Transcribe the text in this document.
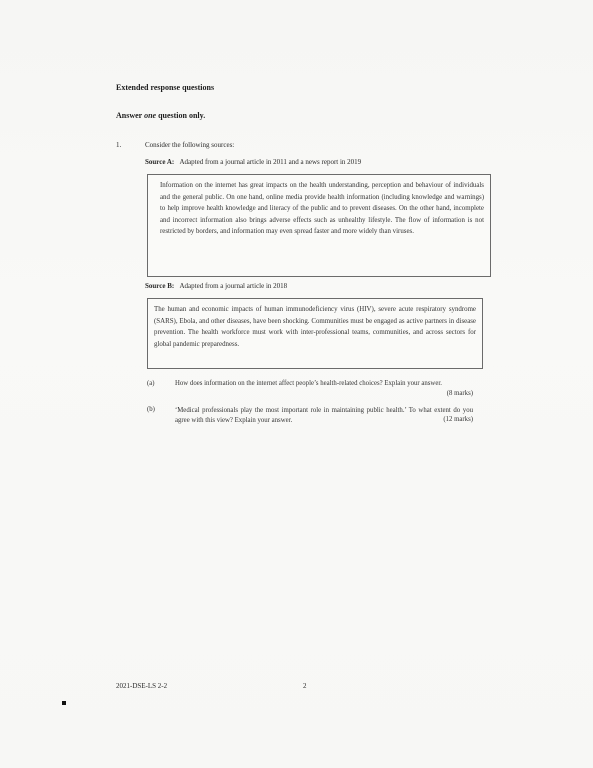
Extended response questions
Answer one question only.
1.	Consider the following sources:
Source A: Adapted from a journal article in 2011 and a news report in 2019

Information on the internet has great impacts on the health understanding, perception and behaviour of individuals and the general public. On one hand, online media provide health information (including knowledge and warnings) to help improve health knowledge and literacy of the public and to prevent diseases. On the other hand, incomplete and incorrect information also brings adverse effects such as unhealthy lifestyle. The flow of information is not restricted by borders, and information may even spread faster and more widely than viruses.

Source B: Adapted from a journal article in 2018

The human and economic impacts of human immunodeficiency virus (HIV), severe acute respiratory syndrome (SARS), Ebola, and other diseases, have been shocking. Communities must be engaged as active partners in disease prevention. The health workforce must work with inter-professional teams, communities, and across sectors for global pandemic preparedness.

(a)	How does information on the internet affect people’s health-related choices? Explain your answer.
(8 marks)
(b)	‘Medical professionals play the most important role in maintaining public health.’ To what extent do you agree with this view? Explain your answer.	(12 marks)
2021-DSE-LS 2-2	2
